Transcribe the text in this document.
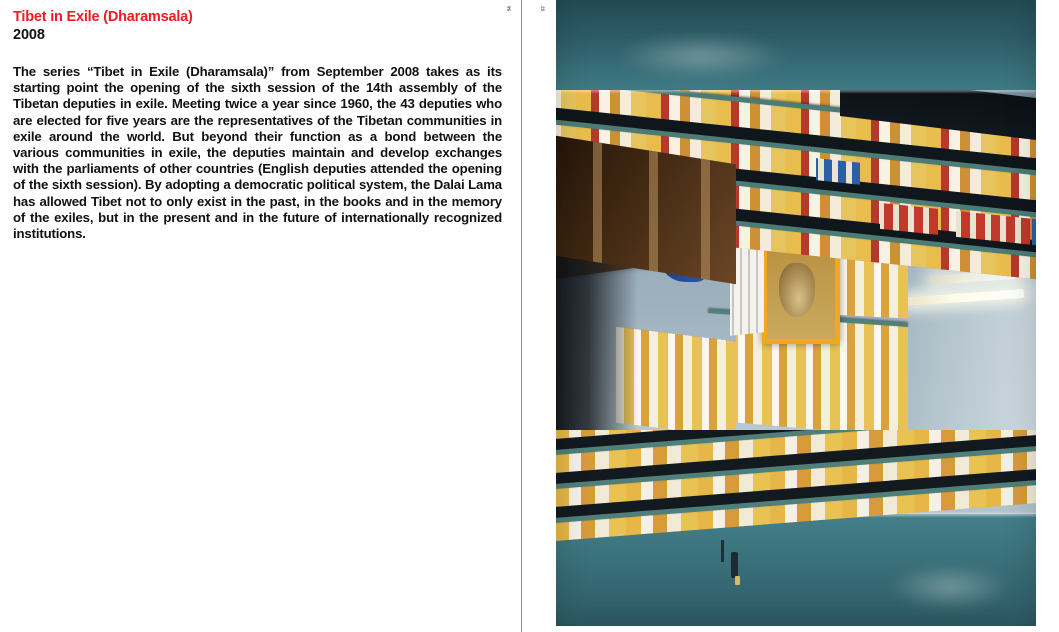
Tibet in Exile (Dharamsala)
2008

The series “Tibet in Exile (Dharamsala)” from September 2008 takes as its starting point the opening of the sixth session of the 14th assembly of the Tibetan deputies in exile. Meeting twice a year since 1960, the 43 deputies who are elected for five years are the representatives of the Tibetan communities in exile around the world. But beyond their function as a bond between the various communities in exile, the deputies maintain and develop exchanges with the parliaments of other countries (English deputies attended the opening of the sixth session). By adopting a democratic political system, the Dalai Lama has allowed Tibet not to only exist in the past, in the books and in the memory of the exiles, but in the present and in the future of internationally recognized institutions.

56	57
